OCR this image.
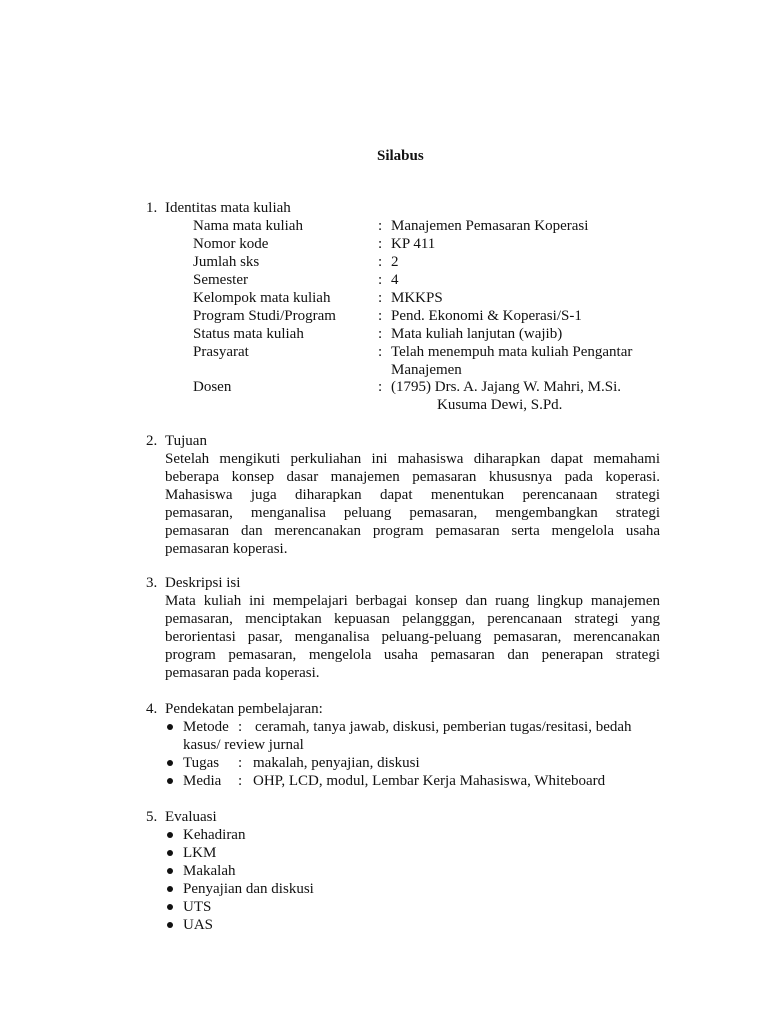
Silabus
1. Identitas mata kuliah
Nama mata kuliah	: Manajemen Pemasaran Koperasi
Nomor kode	: KP 411
Jumlah sks	: 2
Semester	: 4
Kelompok mata kuliah	: MKKPS
Program Studi/Program	: Pend. Ekonomi & Koperasi/S-1
Status mata kuliah	: Mata kuliah lanjutan (wajib)
Prasyarat	: Telah menempuh mata kuliah Pengantar
Manajemen
Dosen	: (1795) Drs. A. Jajang W. Mahri, M.Si.
Kusuma Dewi, S.Pd.
2. Tujuan
Setelah mengikuti perkuliahan ini mahasiswa diharapkan dapat memahami
beberapa konsep dasar manajemen pemasaran khususnya pada koperasi.
Mahasiswa juga diharapkan dapat menentukan perencanaan strategi
pemasaran, menganalisa peluang pemasaran, mengembangkan strategi
pemasaran dan merencanakan program pemasaran serta mengelola usaha
pemasaran koperasi.
3. Deskripsi isi
Mata kuliah ini mempelajari berbagai konsep dan ruang lingkup manajemen
pemasaran, menciptakan kepuasan pelangggan, perencanaan strategi yang
berorientasi pasar, menganalisa peluang-peluang pemasaran, merencanakan
program pemasaran, mengelola usaha pemasaran dan penerapan strategi
pemasaran pada koperasi.
4. Pendekatan pembelajaran:
Metode : ceramah, tanya jawab, diskusi, pemberian tugas/resitasi, bedah
kasus/ review jurnal
Tugas : makalah, penyajian, diskusi
Media : OHP, LCD, modul, Lembar Kerja Mahasiswa, Whiteboard
5. Evaluasi
Kehadiran
LKM
Makalah
Penyajian dan diskusi
UTS
UAS
